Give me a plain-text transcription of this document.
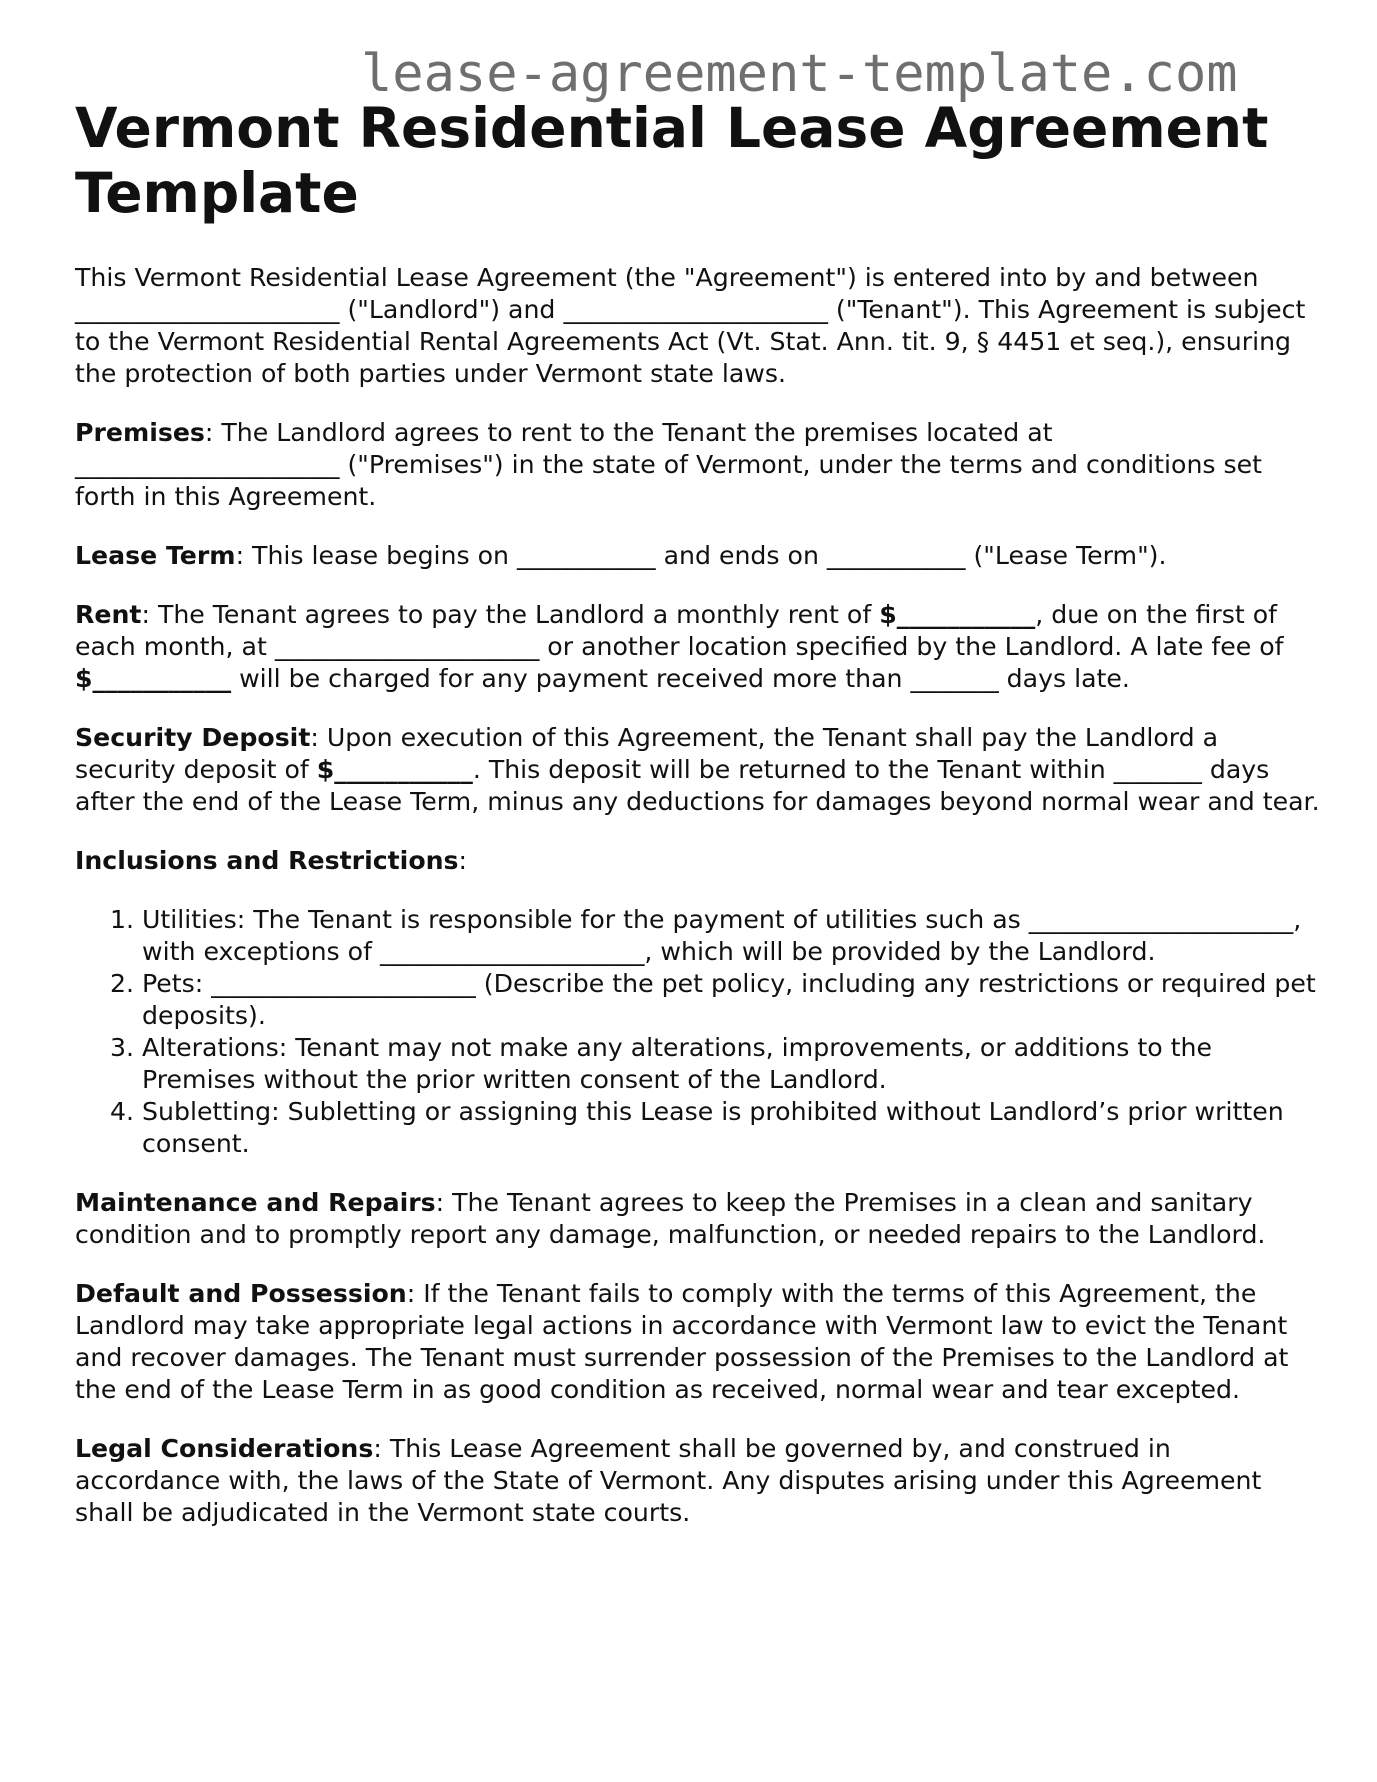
lease-agreement-template.com
Vermont Residential Lease Agreement Template

This Vermont Residential Lease Agreement (the "Agreement") is entered into by and between _____________________ ("Landlord") and _____________________ ("Tenant"). This Agreement is subject to the Vermont Residential Rental Agreements Act (Vt. Stat. Ann. tit. 9, § 4451 et seq.), ensuring the protection of both parties under Vermont state laws.

Premises: The Landlord agrees to rent to the Tenant the premises located at _____________________ ("Premises") in the state of Vermont, under the terms and conditions set forth in this Agreement.

Lease Term: This lease begins on ___________ and ends on ___________ ("Lease Term").

Rent: The Tenant agrees to pay the Landlord a monthly rent of $___________, due on the first of each month, at _____________________ or another location specified by the Landlord. A late fee of $___________ will be charged for any payment received more than _______ days late.

Security Deposit: Upon execution of this Agreement, the Tenant shall pay the Landlord a security deposit of $___________. This deposit will be returned to the Tenant within _______ days after the end of the Lease Term, minus any deductions for damages beyond normal wear and tear.

Inclusions and Restrictions:

1. Utilities: The Tenant is responsible for the payment of utilities such as _____________________, with exceptions of _____________________, which will be provided by the Landlord.
2. Pets: _____________________ (Describe the pet policy, including any restrictions or required pet deposits).
3. Alterations: Tenant may not make any alterations, improvements, or additions to the Premises without the prior written consent of the Landlord.
4. Subletting: Subletting or assigning this Lease is prohibited without Landlord’s prior written consent.

Maintenance and Repairs: The Tenant agrees to keep the Premises in a clean and sanitary condition and to promptly report any damage, malfunction, or needed repairs to the Landlord.

Default and Possession: If the Tenant fails to comply with the terms of this Agreement, the Landlord may take appropriate legal actions in accordance with Vermont law to evict the Tenant and recover damages. The Tenant must surrender possession of the Premises to the Landlord at the end of the Lease Term in as good condition as received, normal wear and tear excepted.

Legal Considerations: This Lease Agreement shall be governed by, and construed in accordance with, the laws of the State of Vermont. Any disputes arising under this Agreement shall be adjudicated in the Vermont state courts.
